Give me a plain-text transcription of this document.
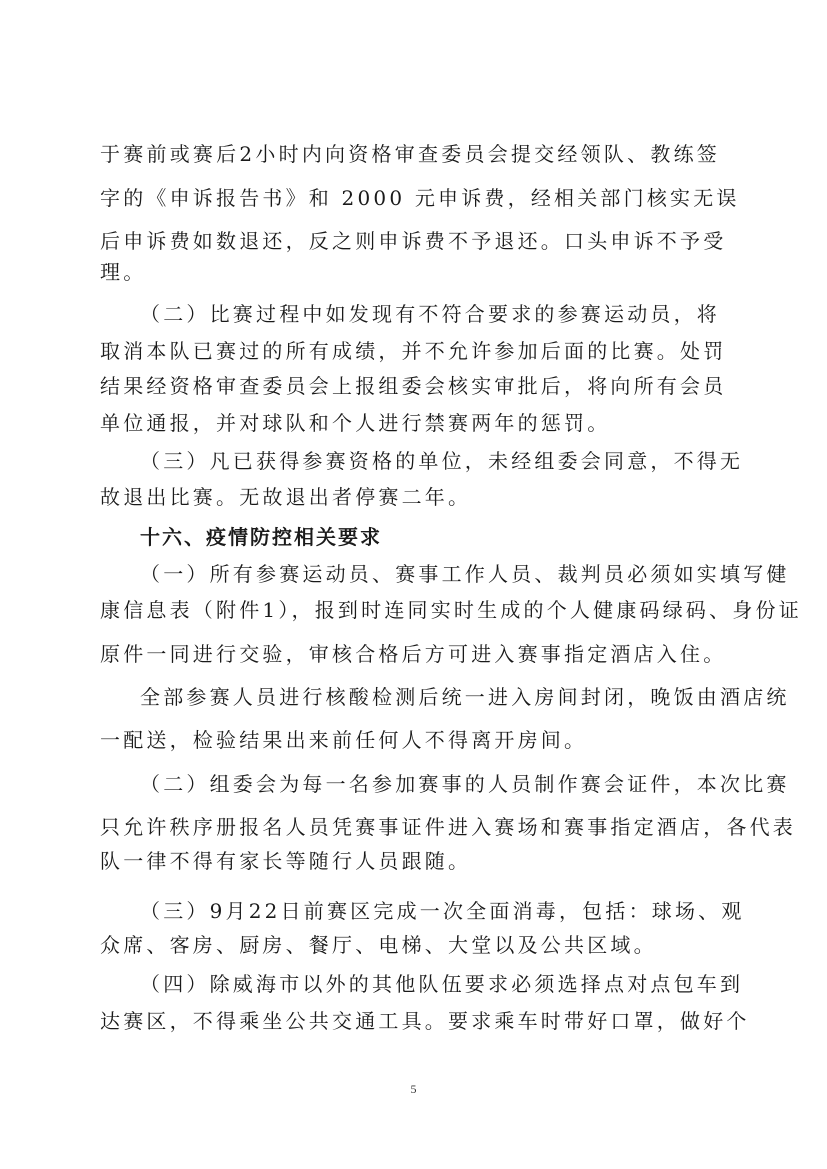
于赛前或赛后2小时内向资格审查委员会提交经领队、教练签
字的《申诉报告书》和 2000 元申诉费，经相关部门核实无误
后申诉费如数退还，反之则申诉费不予退还。口头申诉不予受
理。
（二）比赛过程中如发现有不符合要求的参赛运动员，将
取消本队已赛过的所有成绩，并不允许参加后面的比赛。处罚
结果经资格审查委员会上报组委会核实审批后，将向所有会员
单位通报，并对球队和个人进行禁赛两年的惩罚。
（三）凡已获得参赛资格的单位，未经组委会同意，不得无
故退出比赛。无故退出者停赛二年。
十六、疫情防控相关要求
（一）所有参赛运动员、赛事工作人员、裁判员必须如实填写健
康信息表（附件1），报到时连同实时生成的个人健康码绿码、身份证
原件一同进行交验，审核合格后方可进入赛事指定酒店入住。
全部参赛人员进行核酸检测后统一进入房间封闭，晚饭由酒店统
一配送，检验结果出来前任何人不得离开房间。
（二）组委会为每一名参加赛事的人员制作赛会证件，本次比赛
只允许秩序册报名人员凭赛事证件进入赛场和赛事指定酒店，各代表
队一律不得有家长等随行人员跟随。
（三）9月22日前赛区完成一次全面消毒，包括：球场、观
众席、客房、厨房、餐厅、电梯、大堂以及公共区域。
（四）除威海市以外的其他队伍要求必须选择点对点包车到
达赛区，不得乘坐公共交通工具。要求乘车时带好口罩，做好个
5
